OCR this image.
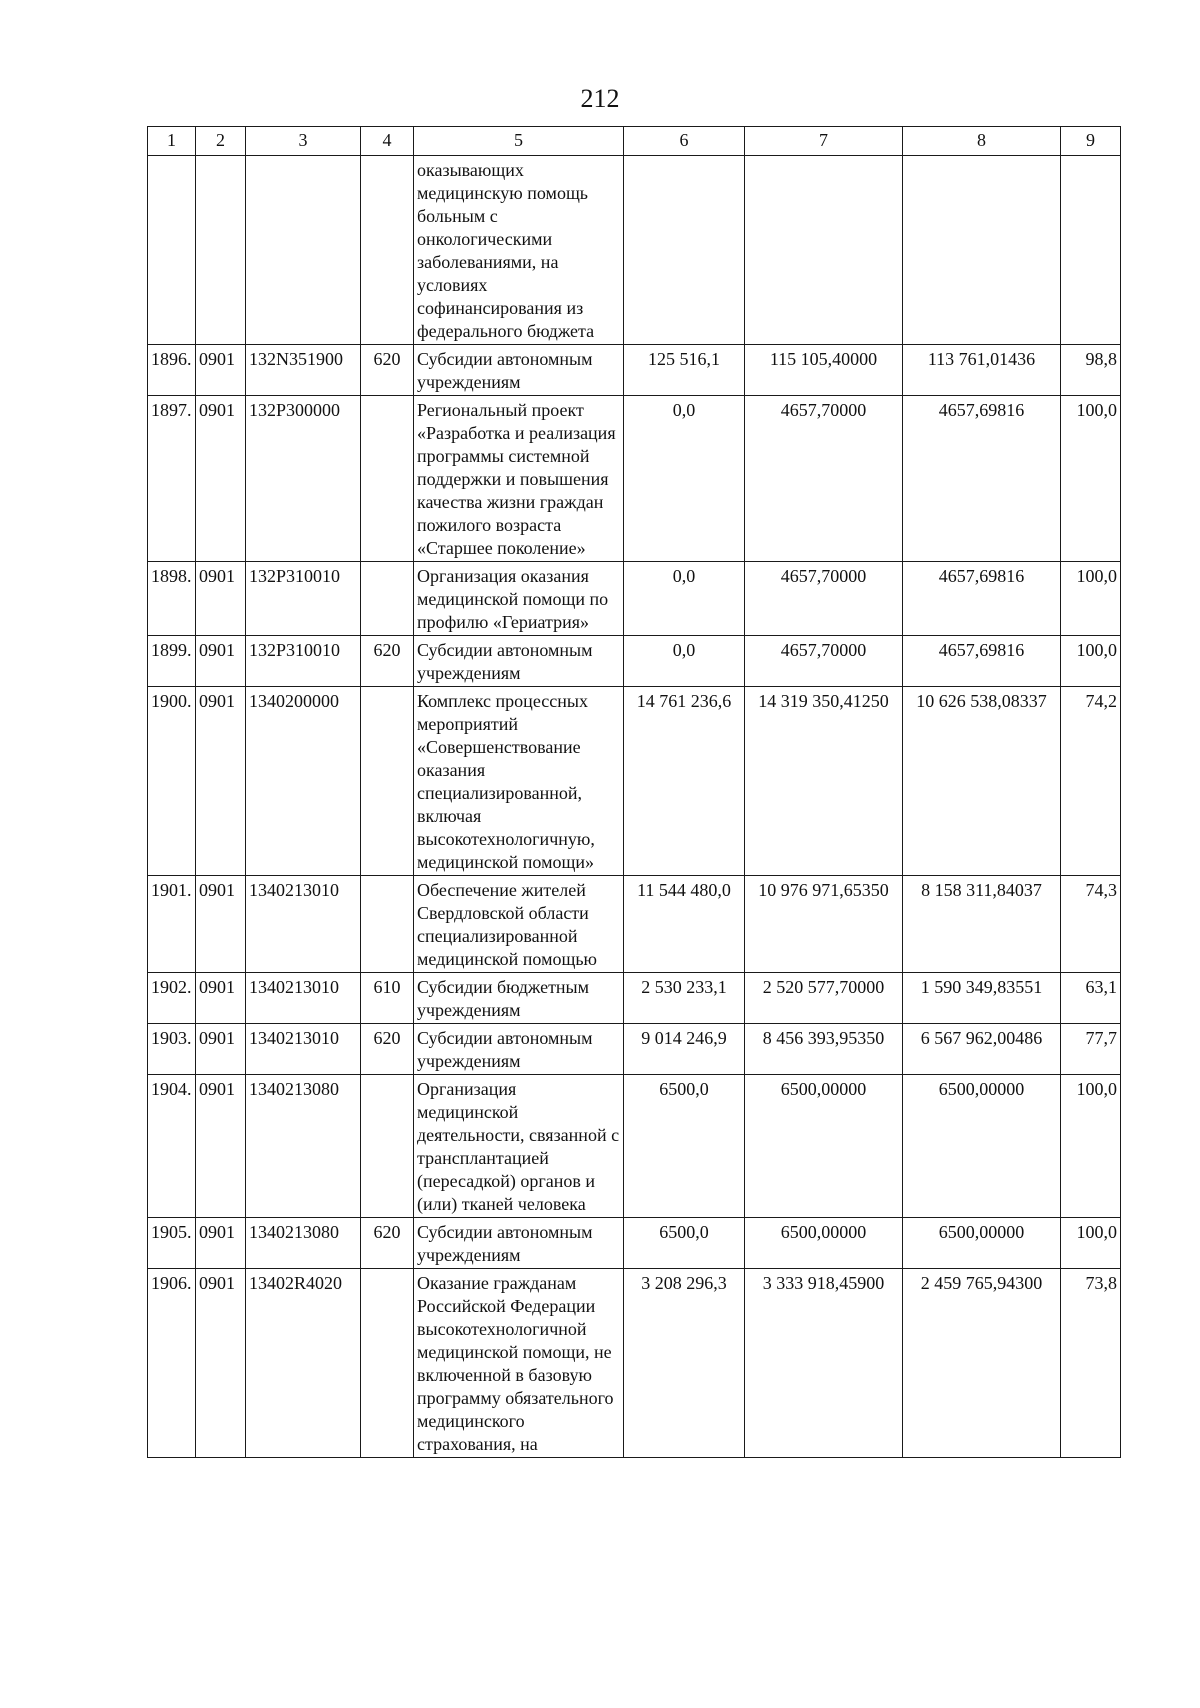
212
1	2	3	4	5	6	7	8	9
				оказывающих медицинскую помощь больным с онкологическими заболеваниями, на условиях софинансирования из федерального бюджета				
1896.	0901	132N351900	620	Субсидии автономным учреждениям	125 516,1	115 105,40000	113 761,01436	98,8
1897.	0901	132Р300000		Региональный проект «Разработка и реализация программы системной поддержки и повышения качества жизни граждан пожилого возраста «Старшее поколение»	0,0	4657,70000	4657,69816	100,0
1898.	0901	132Р310010		Организация оказания медицинской помощи по профилю «Гериатрия»	0,0	4657,70000	4657,69816	100,0
1899.	0901	132Р310010	620	Субсидии автономным учреждениям	0,0	4657,70000	4657,69816	100,0
1900.	0901	1340200000		Комплекс процессных мероприятий «Совершенствование оказания специализированной, включая высокотехнологичную, медицинской помощи»	14 761 236,6	14 319 350,41250	10 626 538,08337	74,2
1901.	0901	1340213010		Обеспечение жителей Свердловской области специализированной медицинской помощью	11 544 480,0	10 976 971,65350	8 158 311,84037	74,3
1902.	0901	1340213010	610	Субсидии бюджетным учреждениям	2 530 233,1	2 520 577,70000	1 590 349,83551	63,1
1903.	0901	1340213010	620	Субсидии автономным учреждениям	9 014 246,9	8 456 393,95350	6 567 962,00486	77,7
1904.	0901	1340213080		Организация медицинской деятельности, связанной с трансплантацией (пересадкой) органов и (или) тканей человека	6500,0	6500,00000	6500,00000	100,0
1905.	0901	1340213080	620	Субсидии автономным учреждениям	6500,0	6500,00000	6500,00000	100,0
1906.	0901	13402R4020		Оказание гражданам Российской Федерации высокотехнологичной медицинской помощи, не включенной в базовую программу обязательного медицинского страхования, на	3 208 296,3	3 333 918,45900	2 459 765,94300	73,8
